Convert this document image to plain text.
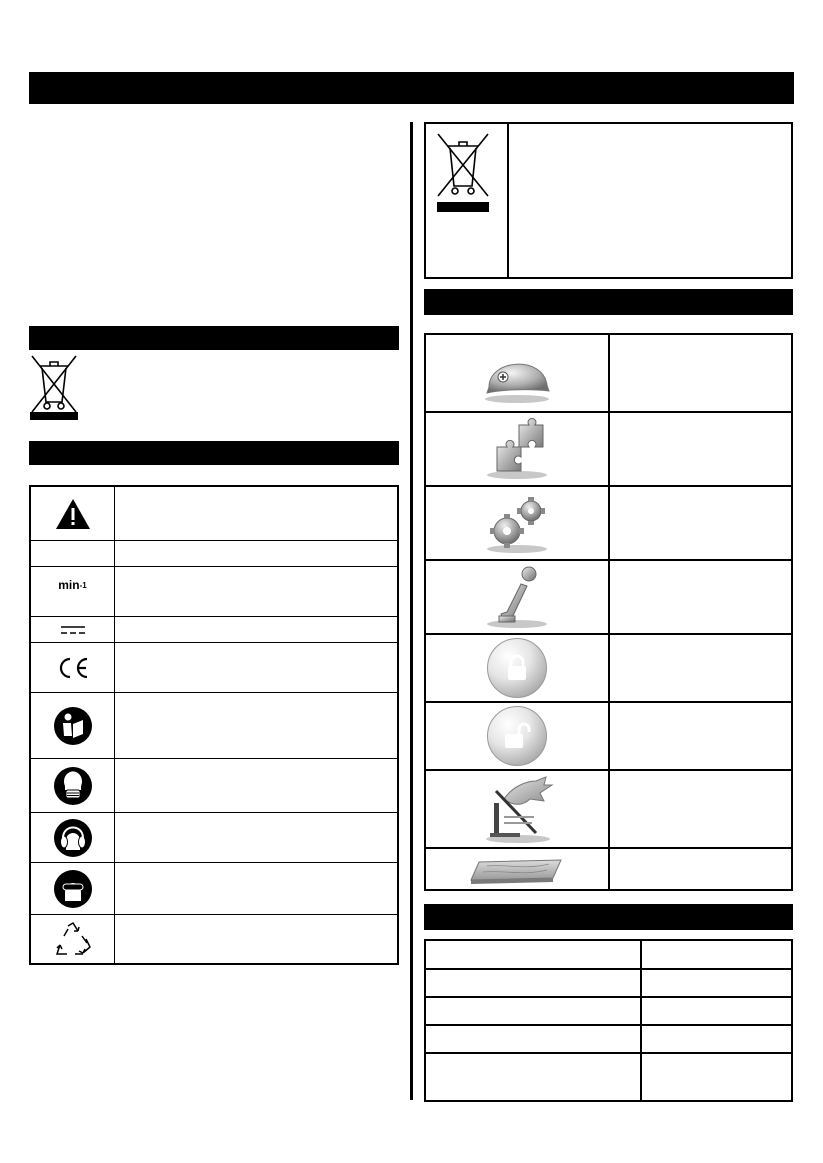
min -1
